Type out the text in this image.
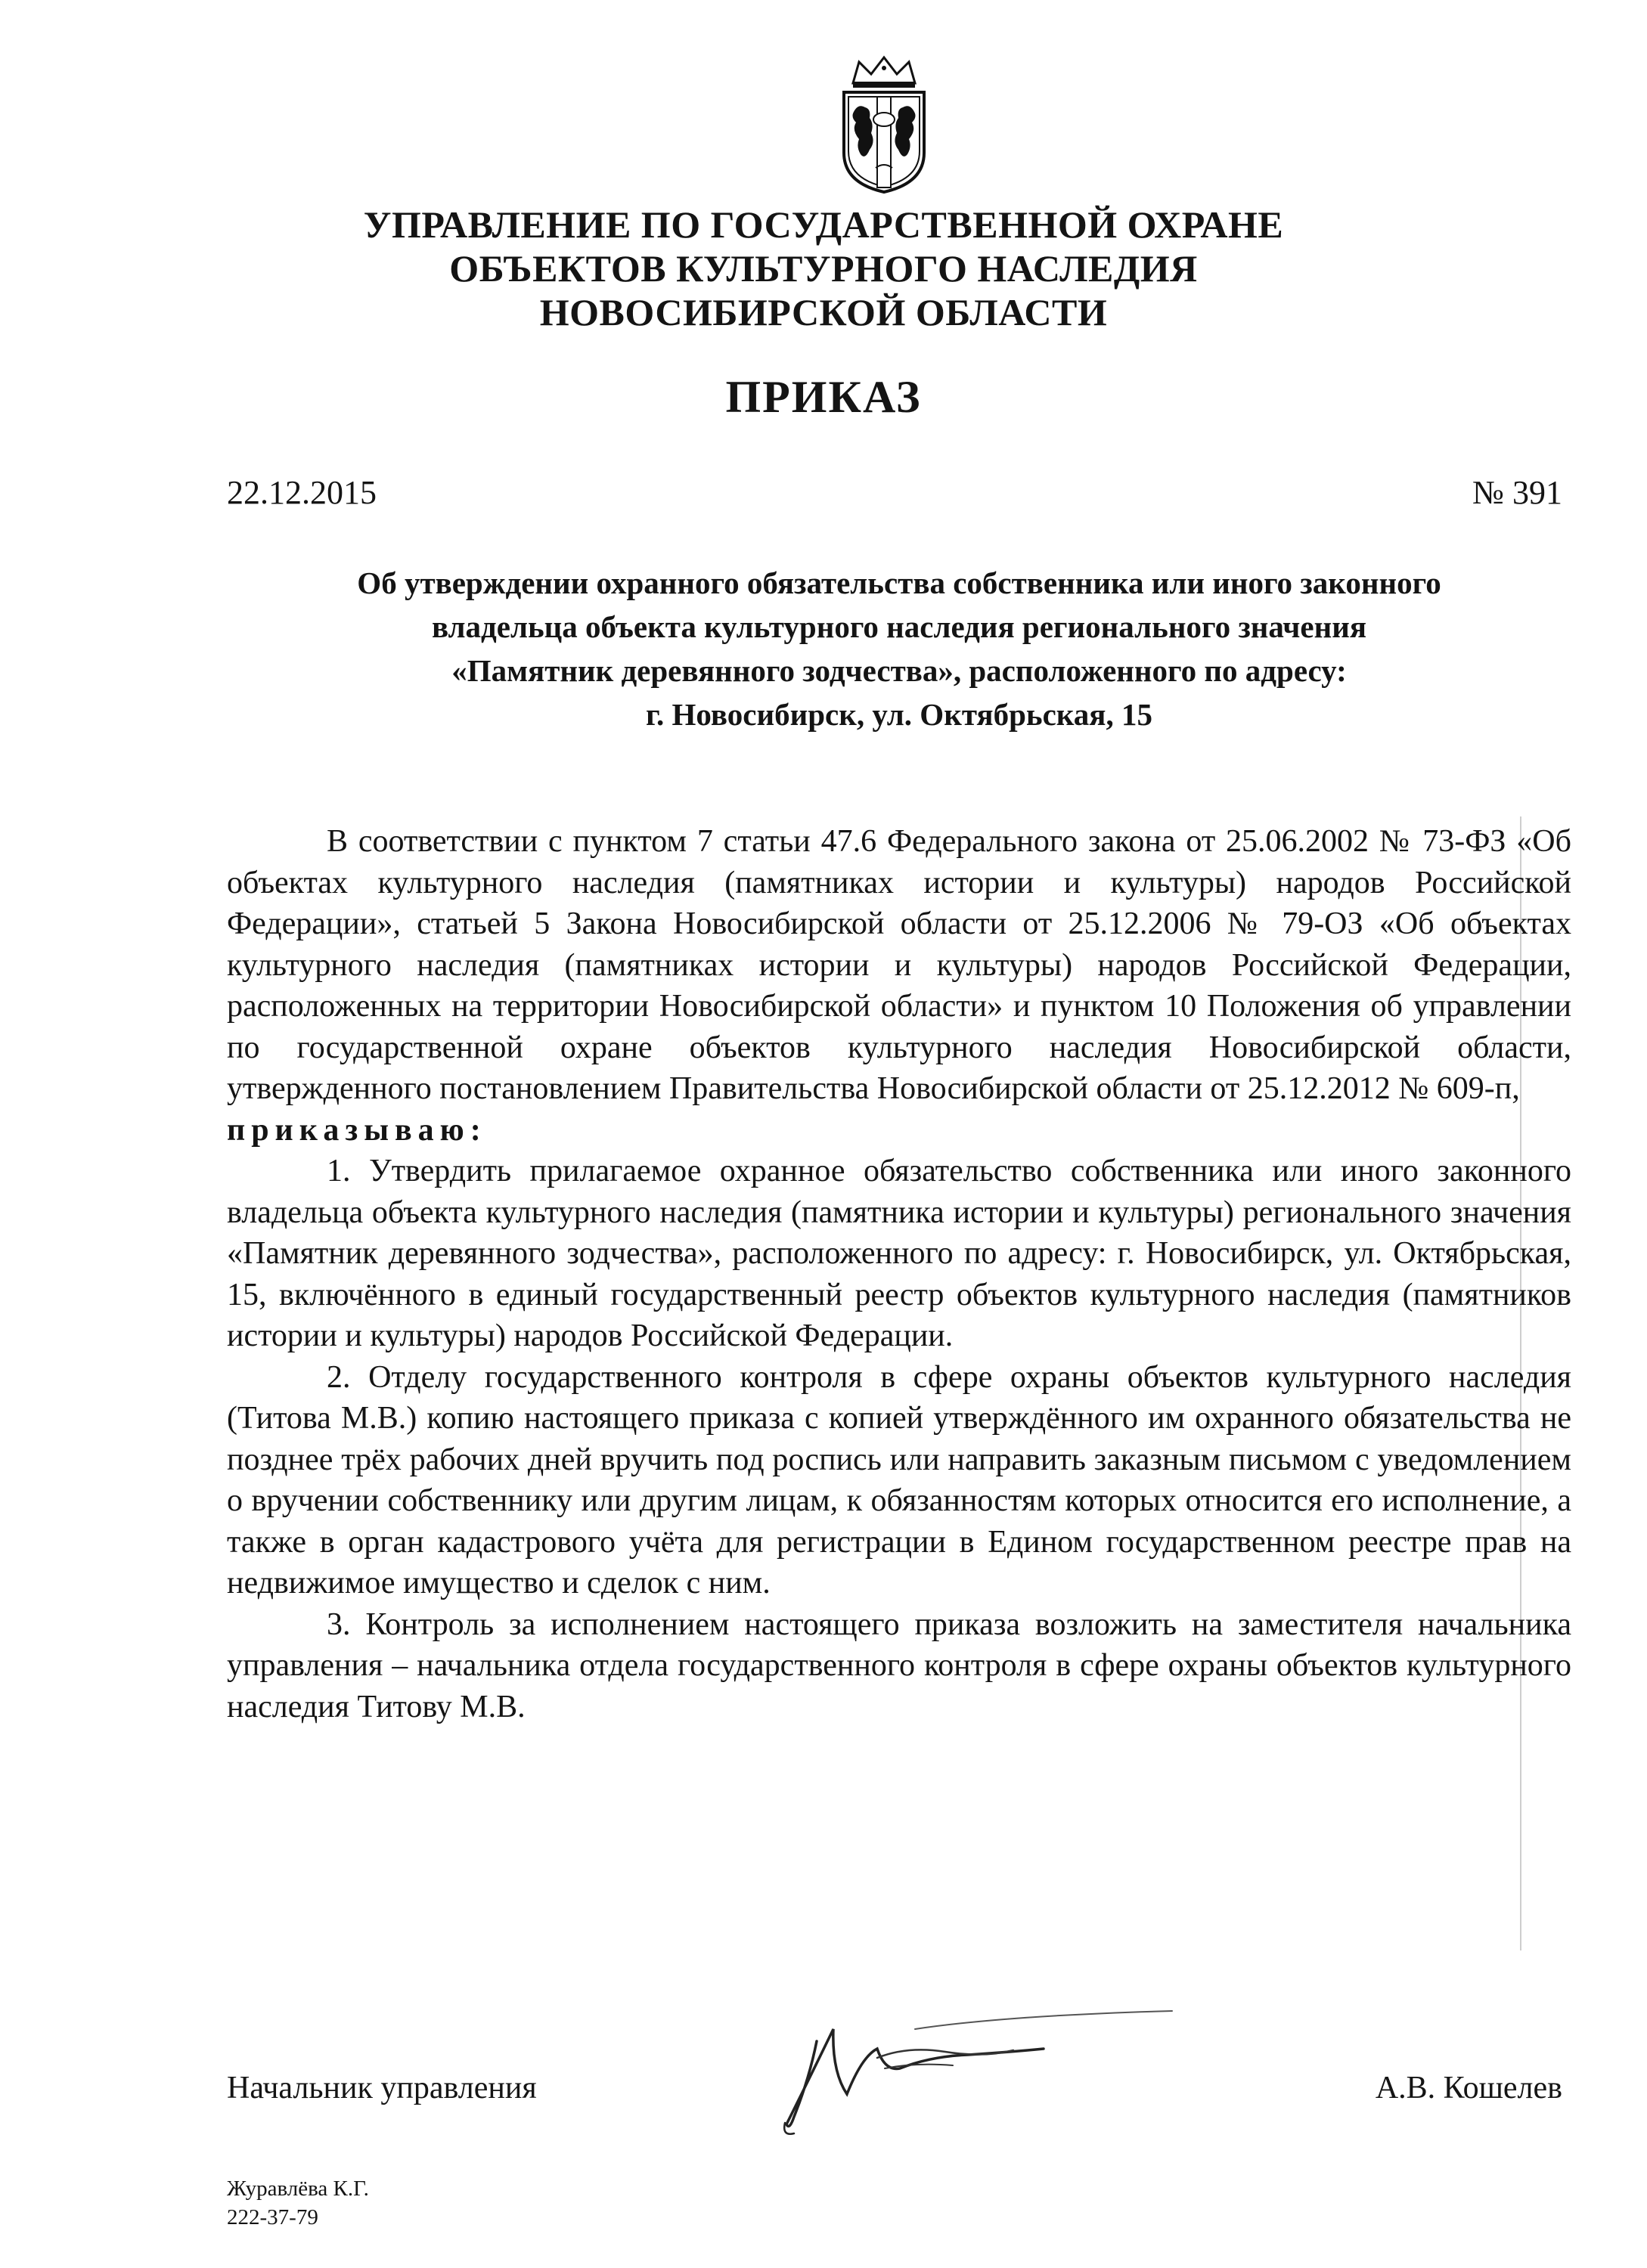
УПРАВЛЕНИЕ ПО ГОСУДАРСТВЕННОЙ ОХРАНЕ
ОБЪЕКТОВ КУЛЬТУРНОГО НАСЛЕДИЯ
НОВОСИБИРСКОЙ ОБЛАСТИ
ПРИКАЗ
22.12.2015	№ 391
Об утверждении охранного обязательства собственника или иного законного
владельца объекта культурного наследия регионального значения
«Памятник деревянного зодчества», расположенного по адресу:
г. Новосибирск, ул. Октябрьская, 15

В соответствии с пунктом 7 статьи 47.6 Федерального закона от 25.06.2002 № 73-ФЗ «Об объектах культурного наследия (памятниках истории и культуры) народов Российской Федерации», статьей 5 Закона Новосибирской области от 25.12.2006 № 79-ОЗ «Об объектах культурного наследия (памятниках истории и культуры) народов Российской Федерации, расположенных на территории Новосибирской области» и пунктом 10 Положения об управлении по государственной охране объектов культурного наследия Новосибирской области, утвержденного постановлением Правительства Новосибирской области от 25.12.2012 № 609-п,

приказываю:

1. Утвердить прилагаемое охранное обязательство собственника или иного законного владельца объекта культурного наследия (памятника истории и культуры) регионального значения «Памятник деревянного зодчества», расположенного по адресу: г. Новосибирск, ул. Октябрьская, 15, включённого в единый государственный реестр объектов культурного наследия (памятников истории и культуры) народов Российской Федерации.

2. Отделу государственного контроля в сфере охраны объектов культурного наследия (Титова М.В.) копию настоящего приказа с копией утверждённого им охранного обязательства не позднее трёх рабочих дней вручить под роспись или направить заказным письмом с уведомлением о вручении собственнику или другим лицам, к обязанностям которых относится его исполнение, а также в орган кадастрового учёта для регистрации в Едином государственном реестре прав на недвижимое имущество и сделок с ним.

3. Контроль за исполнением настоящего приказа возложить на заместителя начальника управления – начальника отдела государственного контроля в сфере охраны объектов культурного наследия Титову М.В.

Начальник управления	А.В. Кошелев
Журавлёва К.Г.
222-37-79
